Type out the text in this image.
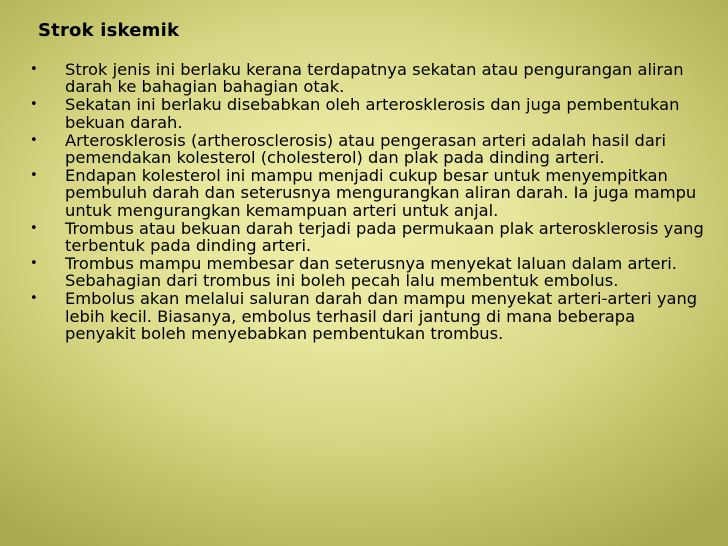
Strok iskemik
• Strok jenis ini berlaku kerana terdapatnya sekatan atau pengurangan aliran darah ke bahagian bahagian otak.
• Sekatan ini berlaku disebabkan oleh arterosklerosis dan juga pembentukan bekuan darah.
• Arterosklerosis (artherosclerosis) atau pengerasan arteri adalah hasil dari pemendakan kolesterol (cholesterol) dan plak pada dinding arteri.
• Endapan kolesterol ini mampu menjadi cukup besar untuk menyempitkan pembuluh darah dan seterusnya mengurangkan aliran darah. Ia juga mampu untuk mengurangkan kemampuan arteri untuk anjal.
• Trombus atau bekuan darah terjadi pada permukaan plak arterosklerosis yang terbentuk pada dinding arteri.
• Trombus mampu membesar dan seterusnya menyekat laluan dalam arteri. Sebahagian dari trombus ini boleh pecah lalu membentuk embolus.
• Embolus akan melalui saluran darah dan mampu menyekat arteri-arteri yang lebih kecil. Biasanya, embolus terhasil dari jantung di mana beberapa penyakit boleh menyebabkan pembentukan trombus.
